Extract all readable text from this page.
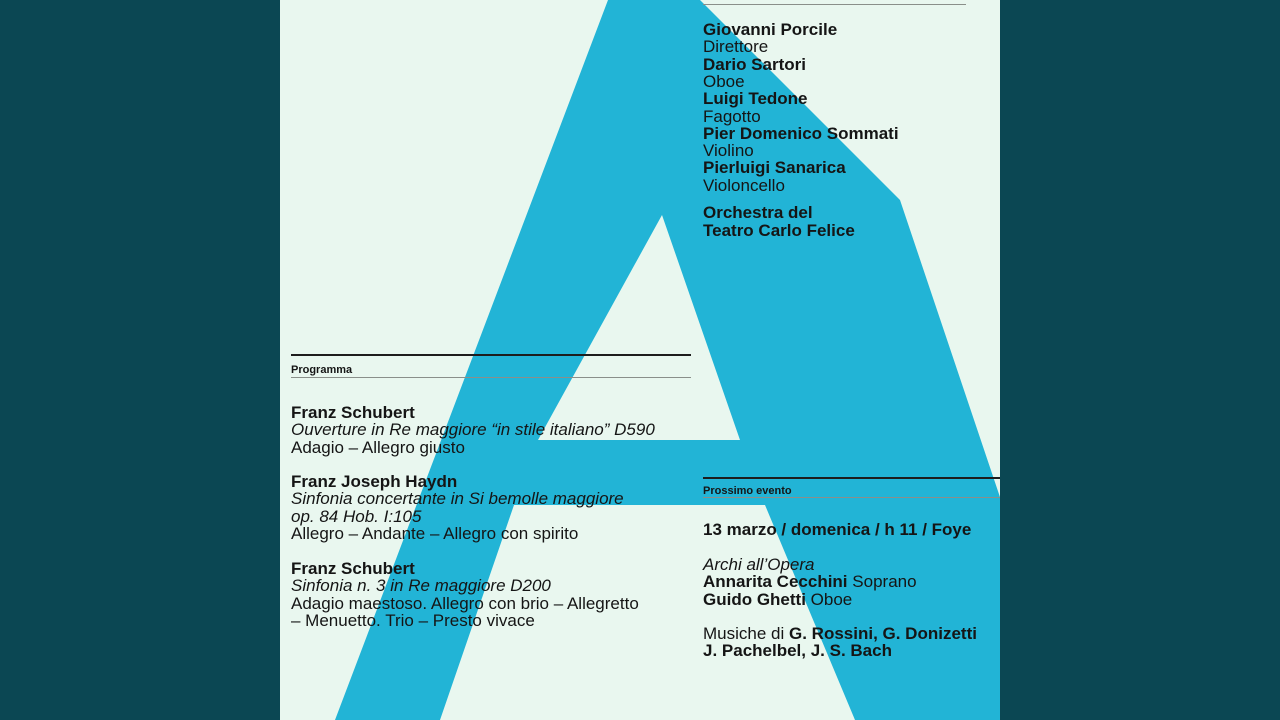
Giovanni Porcile
Direttore
Dario Sartori
Oboe
Luigi Tedone
Fagotto
Pier Domenico Sommati
Violino
Pierluigi Sanarica
Violoncello
Orchestra del
Teatro Carlo Felice
Programma
Franz Schubert
Ouverture in Re maggiore “in stile italiano” D590
Adagio – Allegro giusto
Franz Joseph Haydn
Sinfonia concertante in Si bemolle maggiore
op. 84 Hob. I:105
Allegro – Andante – Allegro con spirito
Franz Schubert
Sinfonia n. 3 in Re maggiore D200
Adagio maestoso. Allegro con brio – Allegretto
– Menuetto. Trio – Presto vivace
Prossimo evento
13 marzo / domenica / h 11 / Foye
Archi all’Opera
Annarita Cecchini Soprano
Guido Ghetti Oboe
Musiche di G. Rossini, G. Donizetti
J. Pachelbel, J. S. Bach
